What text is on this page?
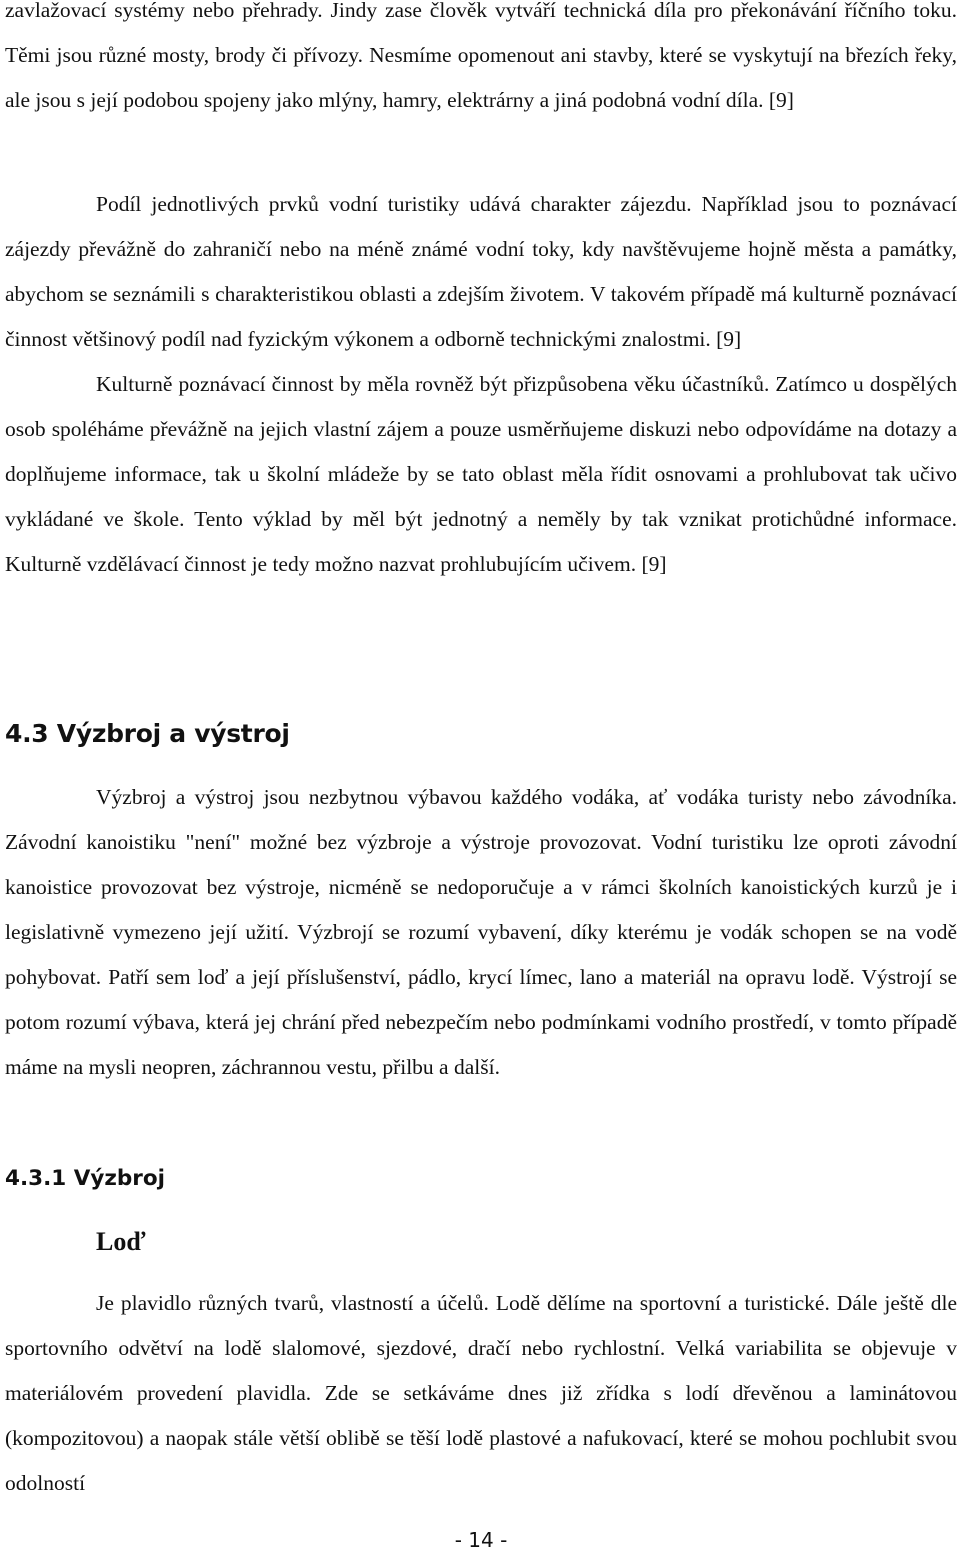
zavlažovací systémy nebo přehrady. Jindy zase člověk vytváří technická díla pro překonávání říčního toku. Těmi jsou různé mosty, brody či přívozy. Nesmíme opomenout ani stavby, které se vyskytují na březích řeky, ale jsou s její podobou spojeny jako mlýny, hamry, elektrárny a jiná podobná vodní díla. [9]

Podíl jednotlivých prvků vodní turistiky udává charakter zájezdu. Například jsou to poznávací zájezdy převážně do zahraničí nebo na méně známé vodní toky, kdy navštěvujeme hojně města a památky, abychom se seznámili s charakteristikou oblasti a zdejším životem. V takovém případě má kulturně poznávací činnost většinový podíl nad fyzickým výkonem a odborně technickými znalostmi. [9]

Kulturně poznávací činnost by měla rovněž být přizpůsobena věku účastníků. Zatímco u dospělých osob spoléháme převážně na jejich vlastní zájem a pouze usměrňujeme diskuzi nebo odpovídáme na dotazy a doplňujeme informace, tak u školní mládeže by se tato oblast měla řídit osnovami a prohlubovat tak učivo vykládané ve škole. Tento výklad by měl být jednotný a neměly by tak vznikat protichůdné informace. Kulturně vzdělávací činnost je tedy možno nazvat prohlubujícím učivem. [9]

4.3 Výzbroj a výstroj

Výzbroj a výstroj jsou nezbytnou výbavou každého vodáka, ať vodáka turisty nebo závodníka. Závodní kanoistiku "není" možné bez výzbroje a výstroje provozovat. Vodní turistiku lze oproti závodní kanoistice provozovat bez výstroje, nicméně se nedoporučuje a v rámci školních kanoistických kurzů je i legislativně vymezeno její užití. Výzbrojí se rozumí vybavení, díky kterému je vodák schopen se na vodě pohybovat. Patří sem loď a její příslušenství, pádlo, krycí límec, lano a materiál na opravu lodě. Výstrojí se potom rozumí výbava, která jej chrání před nebezpečím nebo podmínkami vodního prostředí, v tomto případě máme na mysli neopren, záchrannou vestu, přilbu a další.

4.3.1 Výzbroj
Loď

Je plavidlo různých tvarů, vlastností a účelů. Lodě dělíme na sportovní a turistické. Dále ještě dle sportovního odvětví na lodě slalomové, sjezdové, dračí nebo rychlostní. Velká variabilita se objevuje v materiálovém provedení plavidla. Zde se setkáváme dnes již zřídka s lodí dřevěnou a laminátovou (kompozitovou) a naopak stále větší oblibě se těší lodě plastové a nafukovací, které se mohou pochlubit svou odolností

- 14 -
